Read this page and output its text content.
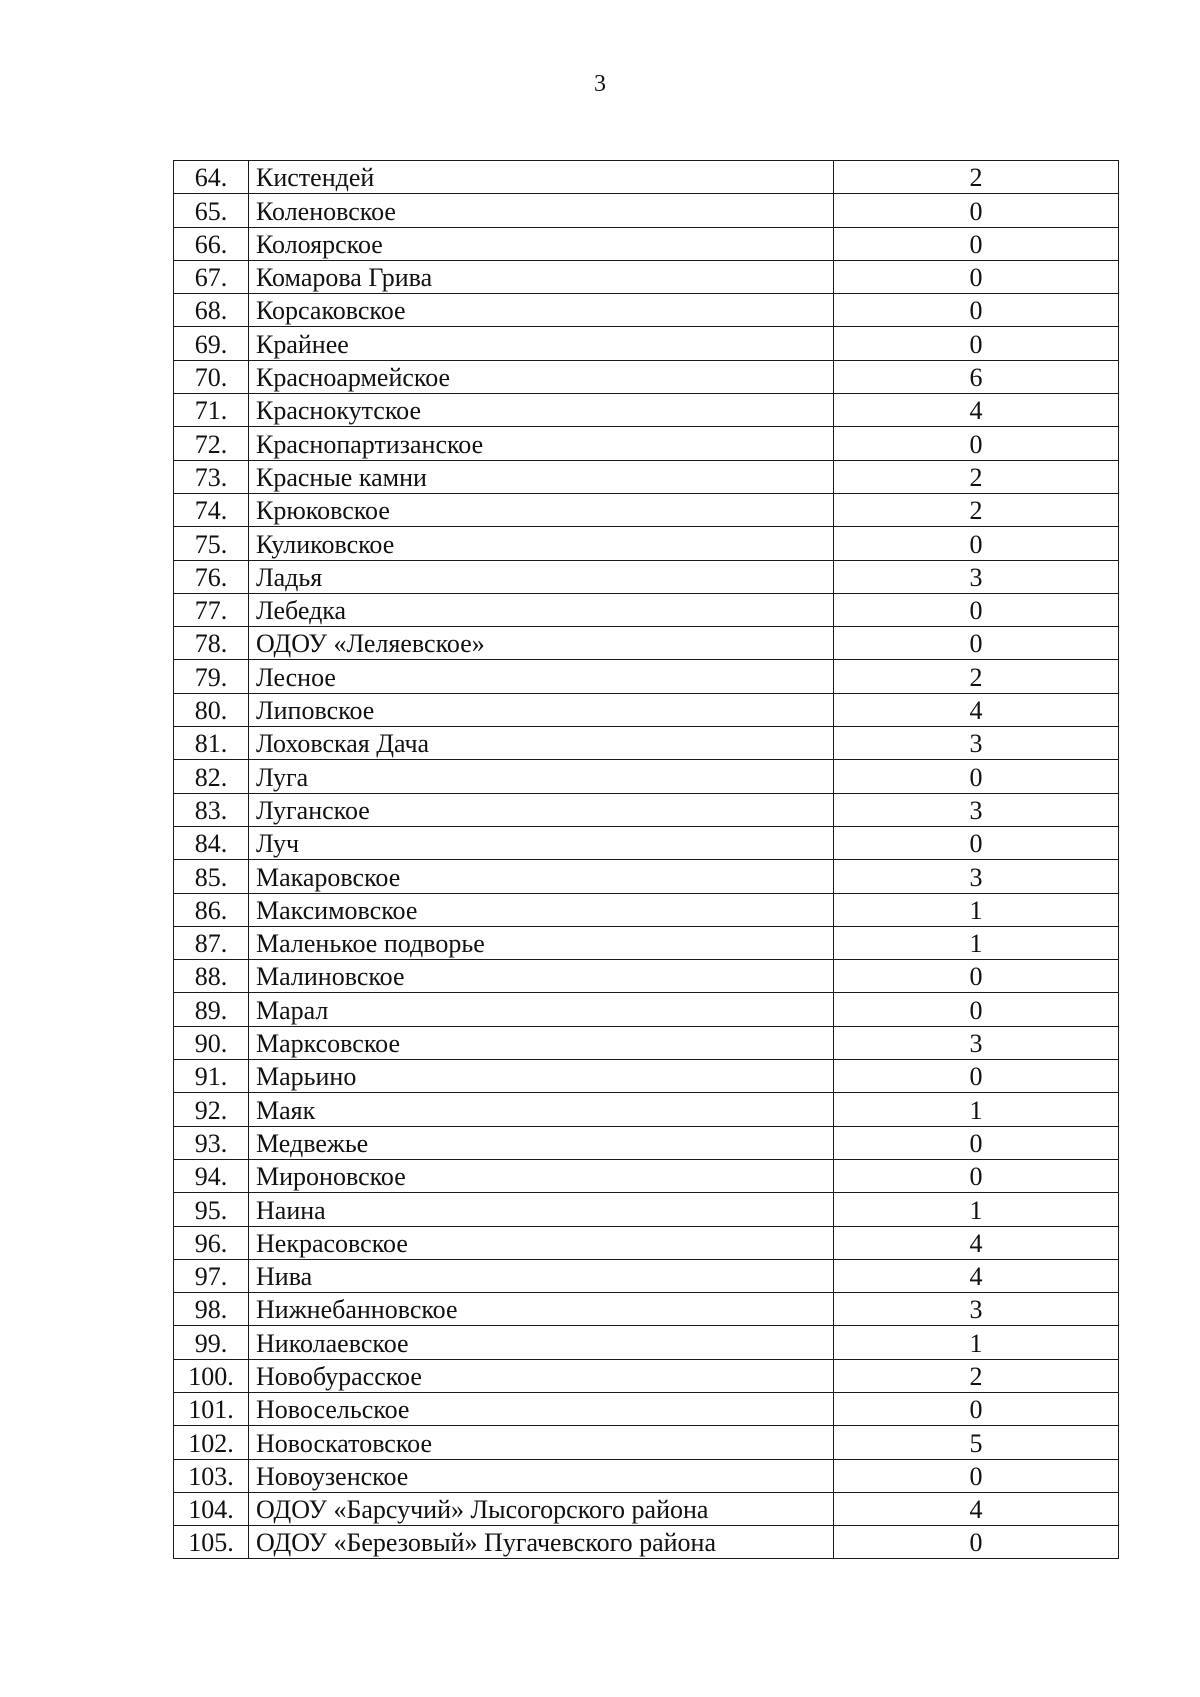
3
64.	Кистендей	2
65.	Коленовское	0
66.	Колоярское	0
67.	Комарова Грива	0
68.	Корсаковское	0
69.	Крайнее	0
70.	Красноармейское	6
71.	Краснокутское	4
72.	Краснопартизанское	0
73.	Красные камни	2
74.	Крюковское	2
75.	Куликовское	0
76.	Ладья	3
77.	Лебедка	0
78.	ОДОУ «Леляевское»	0
79.	Лесное	2
80.	Липовское	4
81.	Лоховская Дача	3
82.	Луга	0
83.	Луганское	3
84.	Луч	0
85.	Макаровское	3
86.	Максимовское	1
87.	Маленькое подворье	1
88.	Малиновское	0
89.	Марал	0
90.	Марксовское	3
91.	Марьино	0
92.	Маяк	1
93.	Медвежье	0
94.	Мироновское	0
95.	Наина	1
96.	Некрасовское	4
97.	Нива	4
98.	Нижнебанновское	3
99.	Николаевское	1
100.	Новобурасское	2
101.	Новосельское	0
102.	Новоскатовское	5
103.	Новоузенское	0
104.	ОДОУ «Барсучий» Лысогорского района	4
105.	ОДОУ «Березовый» Пугачевского района	0
